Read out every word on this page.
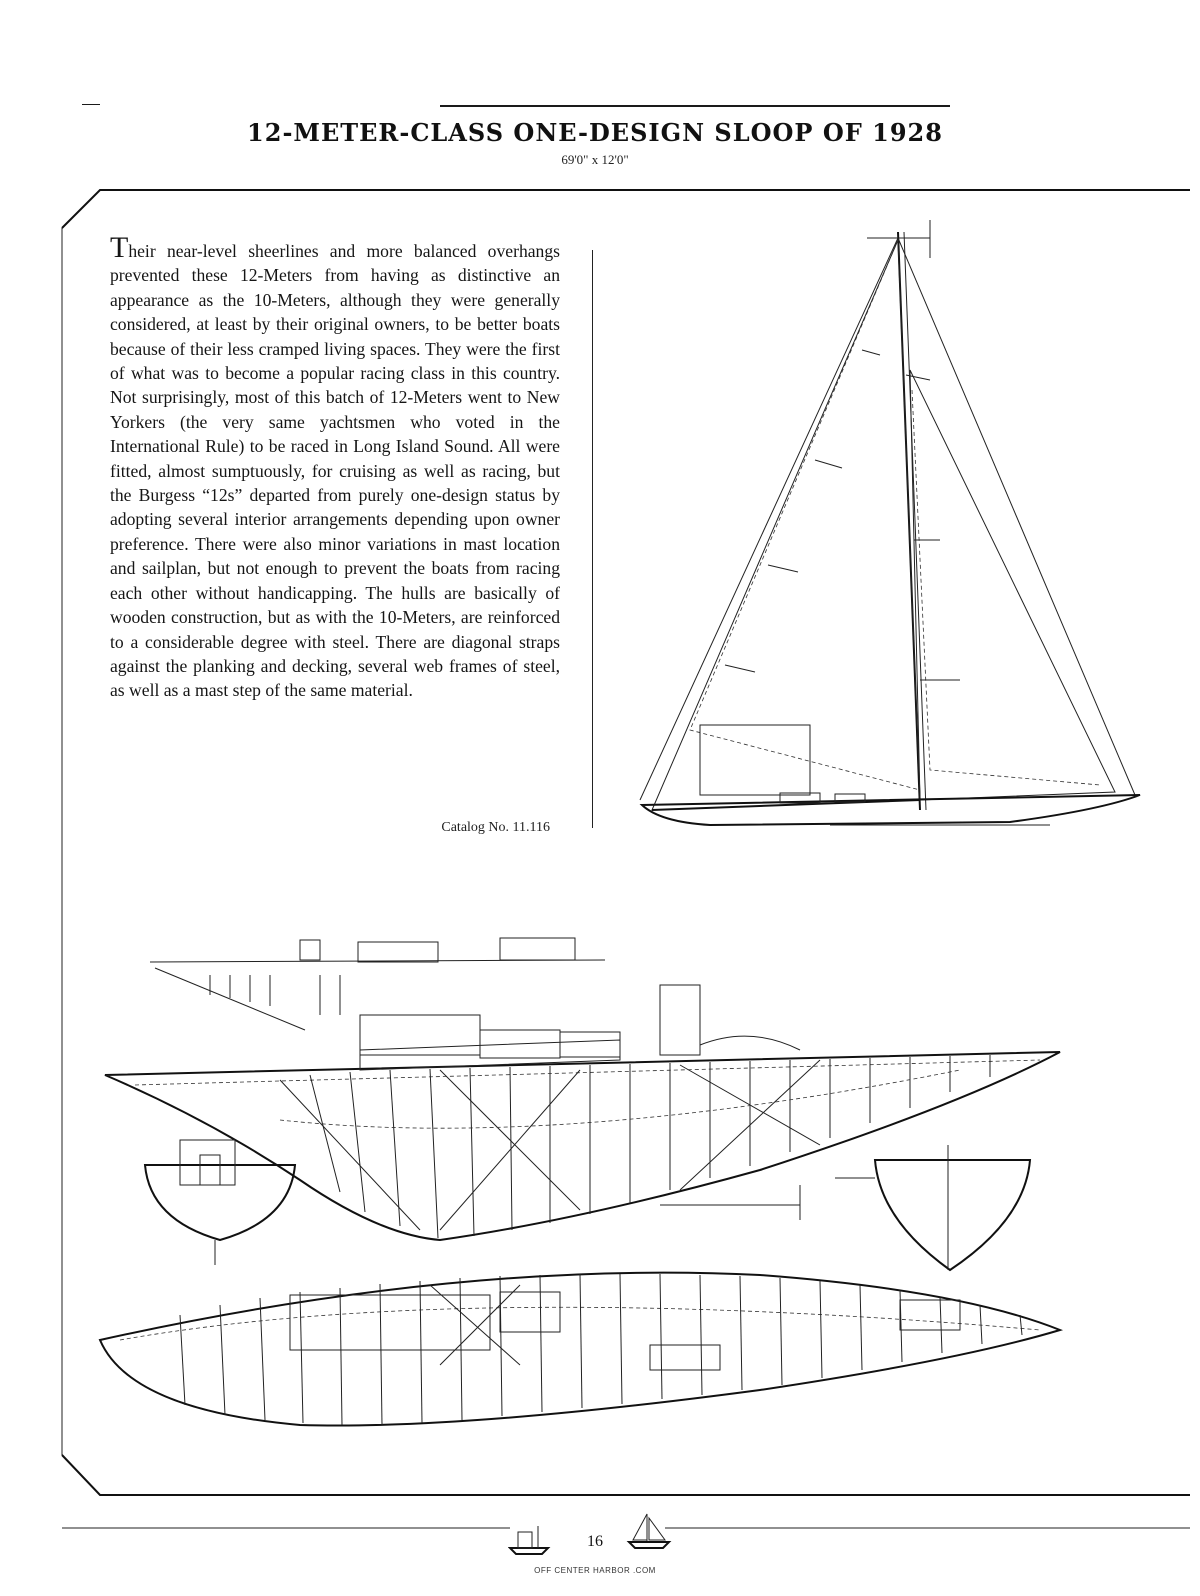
12-METER-CLASS ONE-DESIGN SLOOP OF 1928
69'0" x 12'0"
Their near-level sheerlines and more balanced overhangs prevented these 12-Meters from having as distinctive an appearance as the 10-Meters, although they were generally considered, at least by their original owners, to be better boats because of their less cramped living spaces. They were the first of what was to become a popular racing class in this country. Not surprisingly, most of this batch of 12-Meters went to New Yorkers (the very same yachtsmen who voted in the International Rule) to be raced in Long Island Sound. All were fitted, almost sumptuously, for cruising as well as racing, but the Burgess “12s” departed from purely one-design status by adopting several interior arrangements depending upon owner preference. There were also minor variations in mast location and sailplan, but not enough to prevent the boats from racing each other without handicapping. The hulls are basically of wooden construction, but as with the 10-Meters, are reinforced to a considerable degree with steel. There are diagonal straps against the planking and decking, several web frames of steel, as well as a mast step of the same material.
Catalog No. 11.116
16
OFF CENTER HARBOR .COM
